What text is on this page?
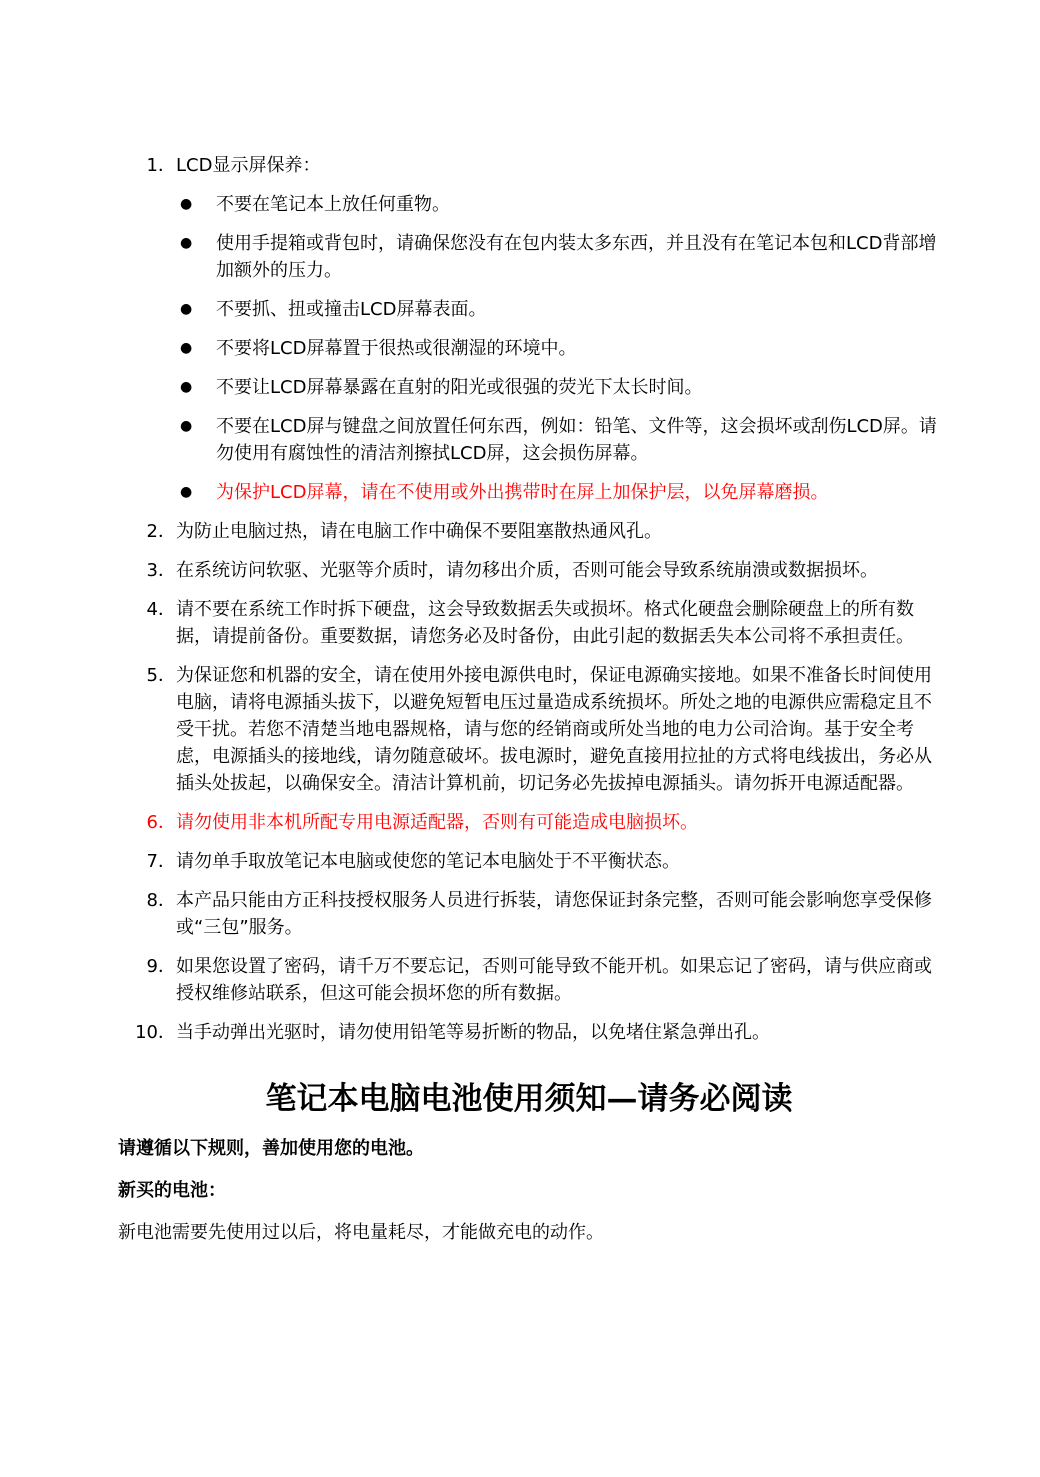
1． LCD显示屏保养：
●	不要在笔记本上放任何重物。
●	使用手提箱或背包时，请确保您没有在包内装太多东西，并且没有在笔记本包和LCD背部增加额外的压力。
●	不要抓、扭或撞击LCD屏幕表面。
●	不要将LCD屏幕置于很热或很潮湿的环境中。
●	不要让LCD屏幕暴露在直射的阳光或很强的荧光下太长时间。
●	不要在LCD屏与键盘之间放置任何东西，例如：铅笔、文件等，这会损坏或刮伤LCD屏。请勿使用有腐蚀性的清洁剂擦拭LCD屏，这会损伤屏幕。
●	为保护LCD屏幕，请在不使用或外出携带时在屏上加保护层，以免屏幕磨损。
2． 为防止电脑过热，请在电脑工作中确保不要阻塞散热通风孔。
3． 在系统访问软驱、光驱等介质时，请勿移出介质，否则可能会导致系统崩溃或数据损坏。
4． 请不要在系统工作时拆下硬盘，这会导致数据丢失或损坏。格式化硬盘会删除硬盘上的所有数据，请提前备份。重要数据，请您务必及时备份，由此引起的数据丢失本公司将不承担责任。
5． 为保证您和机器的安全，请在使用外接电源供电时，保证电源确实接地。如果不准备长时间使用电脑，请将电源插头拔下，以避免短暂电压过量造成系统损坏。所处之地的电源供应需稳定且不受干扰。若您不清楚当地电器规格，请与您的经销商或所处当地的电力公司洽询。基于安全考虑，电源插头的接地线，请勿随意破坏。拔电源时，避免直接用拉扯的方式将电线拔出，务必从插头处拔起，以确保安全。清洁计算机前，切记务必先拔掉电源插头。请勿拆开电源适配器。
6． 请勿使用非本机所配专用电源适配器，否则有可能造成电脑损坏。
7． 请勿单手取放笔记本电脑或使您的笔记本电脑处于不平衡状态。
8． 本产品只能由方正科技授权服务人员进行拆装，请您保证封条完整，否则可能会影响您享受保修或“三包”服务。
9． 如果您设置了密码，请千万不要忘记，否则可能导致不能开机。如果忘记了密码，请与供应商或授权维修站联系，但这可能会损坏您的所有数据。
10． 当手动弹出光驱时，请勿使用铅笔等易折断的物品，以免堵住紧急弹出孔。
笔记本电脑电池使用须知—请务必阅读

请遵循以下规则，善加使用您的电池。

新买的电池：

新电池需要先使用过以后，将电量耗尽，才能做充电的动作。
